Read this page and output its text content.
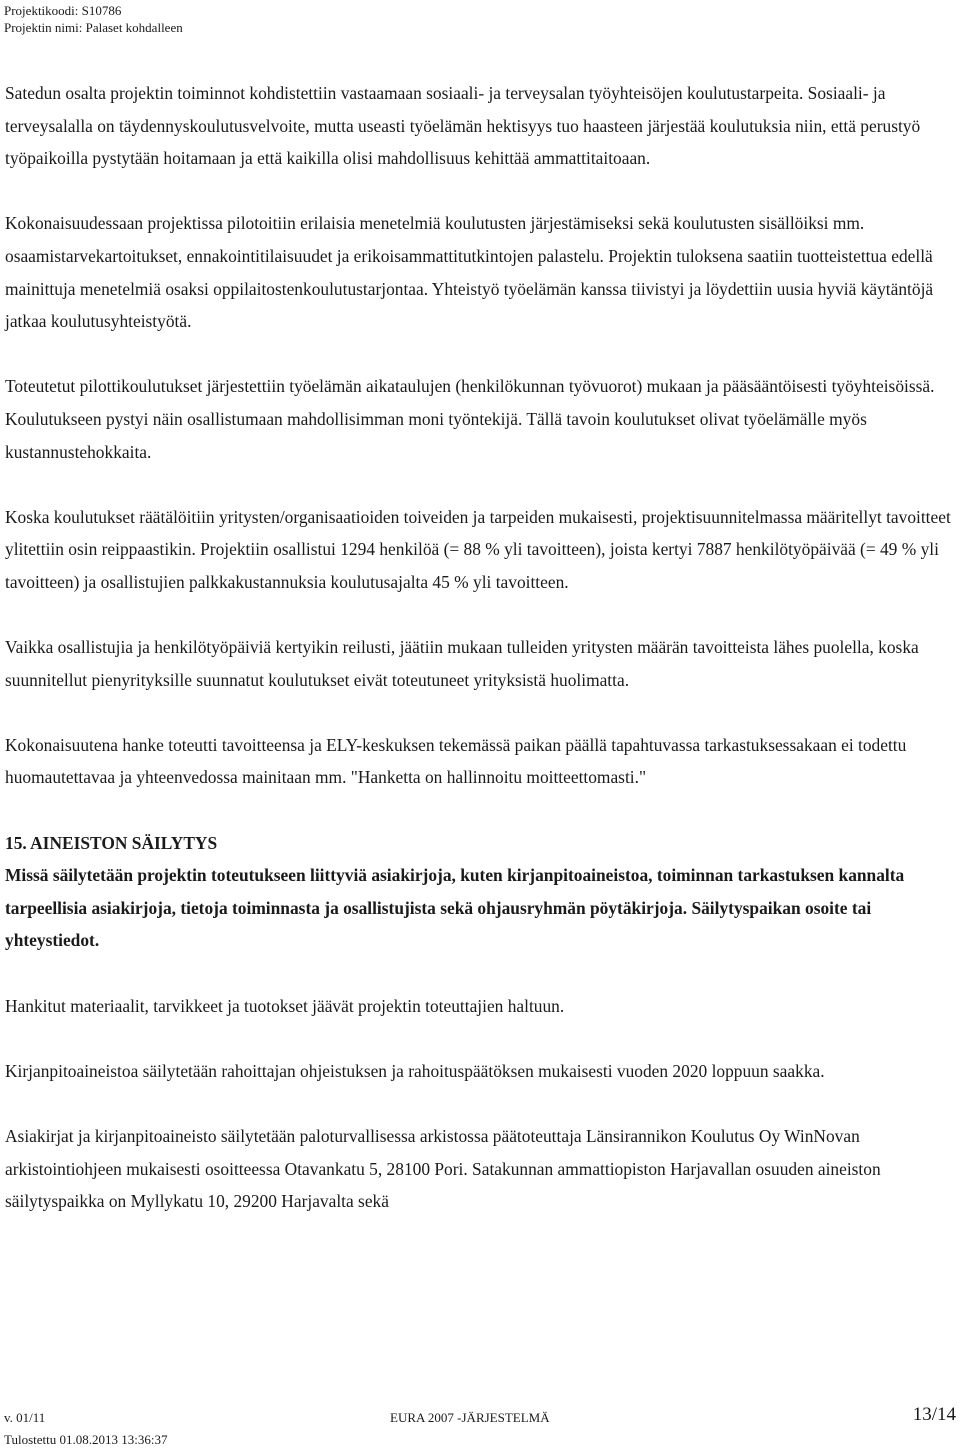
Projektikoodi: S10786
Projektin nimi: Palaset kohdalleen

Satedun osalta projektin toiminnot kohdistettiin vastaamaan sosiaali- ja terveysalan työyhteisöjen koulutustarpeita. Sosiaali- ja terveysalalla on täydennyskoulutusvelvoite, mutta useasti työelämän hektisyys tuo haasteen järjestää koulutuksia niin, että perustyö työpaikoilla pystytään hoitamaan ja että kaikilla olisi mahdollisuus kehittää ammattitaitoaan.

Kokonaisuudessaan projektissa pilotoitiin erilaisia menetelmiä koulutusten järjestämiseksi sekä koulutusten sisällöiksi mm. osaamistarvekartoitukset, ennakointitilaisuudet ja erikoisammattitutkintojen palastelu. Projektin tuloksena saatiin tuotteistettua edellä mainittuja menetelmiä osaksi oppilaitostenkoulutustarjontaa. Yhteistyö työelämän kanssa tiivistyi ja löydettiin uusia hyviä käytäntöjä jatkaa koulutusyhteistyötä.

Toteutetut pilottikoulutukset järjestettiin työelämän aikataulujen (henkilökunnan työvuorot) mukaan ja pääsääntöisesti työyhteisöissä. Koulutukseen pystyi näin osallistumaan mahdollisimman moni työntekijä. Tällä tavoin koulutukset olivat työelämälle myös kustannustehokkaita.

Koska koulutukset räätälöitiin yritysten/organisaatioiden toiveiden ja tarpeiden mukaisesti, projektisuunnitelmassa määritellyt tavoitteet ylitettiin osin reippaastikin. Projektiin osallistui 1294 henkilöä (= 88 % yli tavoitteen), joista kertyi 7887 henkilötyöpäivää (= 49 % yli tavoitteen) ja osallistujien palkkakustannuksia koulutusajalta 45 % yli tavoitteen.

Vaikka osallistujia ja henkilötyöpäiviä kertyikin reilusti, jäätiin mukaan tulleiden yritysten määrän tavoitteista lähes puolella, koska suunnitellut pienyrityksille suunnatut koulutukset eivät toteutuneet yrityksistä huolimatta.

Kokonaisuutena hanke toteutti tavoitteensa ja ELY-keskuksen tekemässä paikan päällä tapahtuvassa tarkastuksessakaan ei todettu huomautettavaa ja yhteenvedossa mainitaan mm. "Hanketta on hallinnoitu moitteettomasti."

15. AINEISTON SÄILYTYS

Missä säilytetään projektin toteutukseen liittyviä asiakirjoja, kuten kirjanpitoaineistoa, toiminnan tarkastuksen kannalta tarpeellisia asiakirjoja, tietoja toiminnasta ja osallistujista sekä ohjausryhmän pöytäkirjoja. Säilytyspaikan osoite tai yhteystiedot.

Hankitut materiaalit, tarvikkeet ja tuotokset jäävät projektin toteuttajien haltuun.

Kirjanpitoaineistoa säilytetään rahoittajan ohjeistuksen ja rahoituspäätöksen mukaisesti vuoden 2020 loppuun saakka.

Asiakirjat ja kirjanpitoaineisto säilytetään paloturvallisessa arkistossa päätoteuttaja Länsirannikon Koulutus Oy WinNovan arkistointiohjeen mukaisesti osoitteessa Otavankatu 5, 28100 Pori. Satakunnan ammattiopiston Harjavallan osuuden aineiston säilytyspaikka on Myllykatu 10, 29200 Harjavalta sekä

v. 01/11	EURA 2007 -JÄRJESTELMÄ	13/14
Tulostettu 01.08.2013 13:36:37
